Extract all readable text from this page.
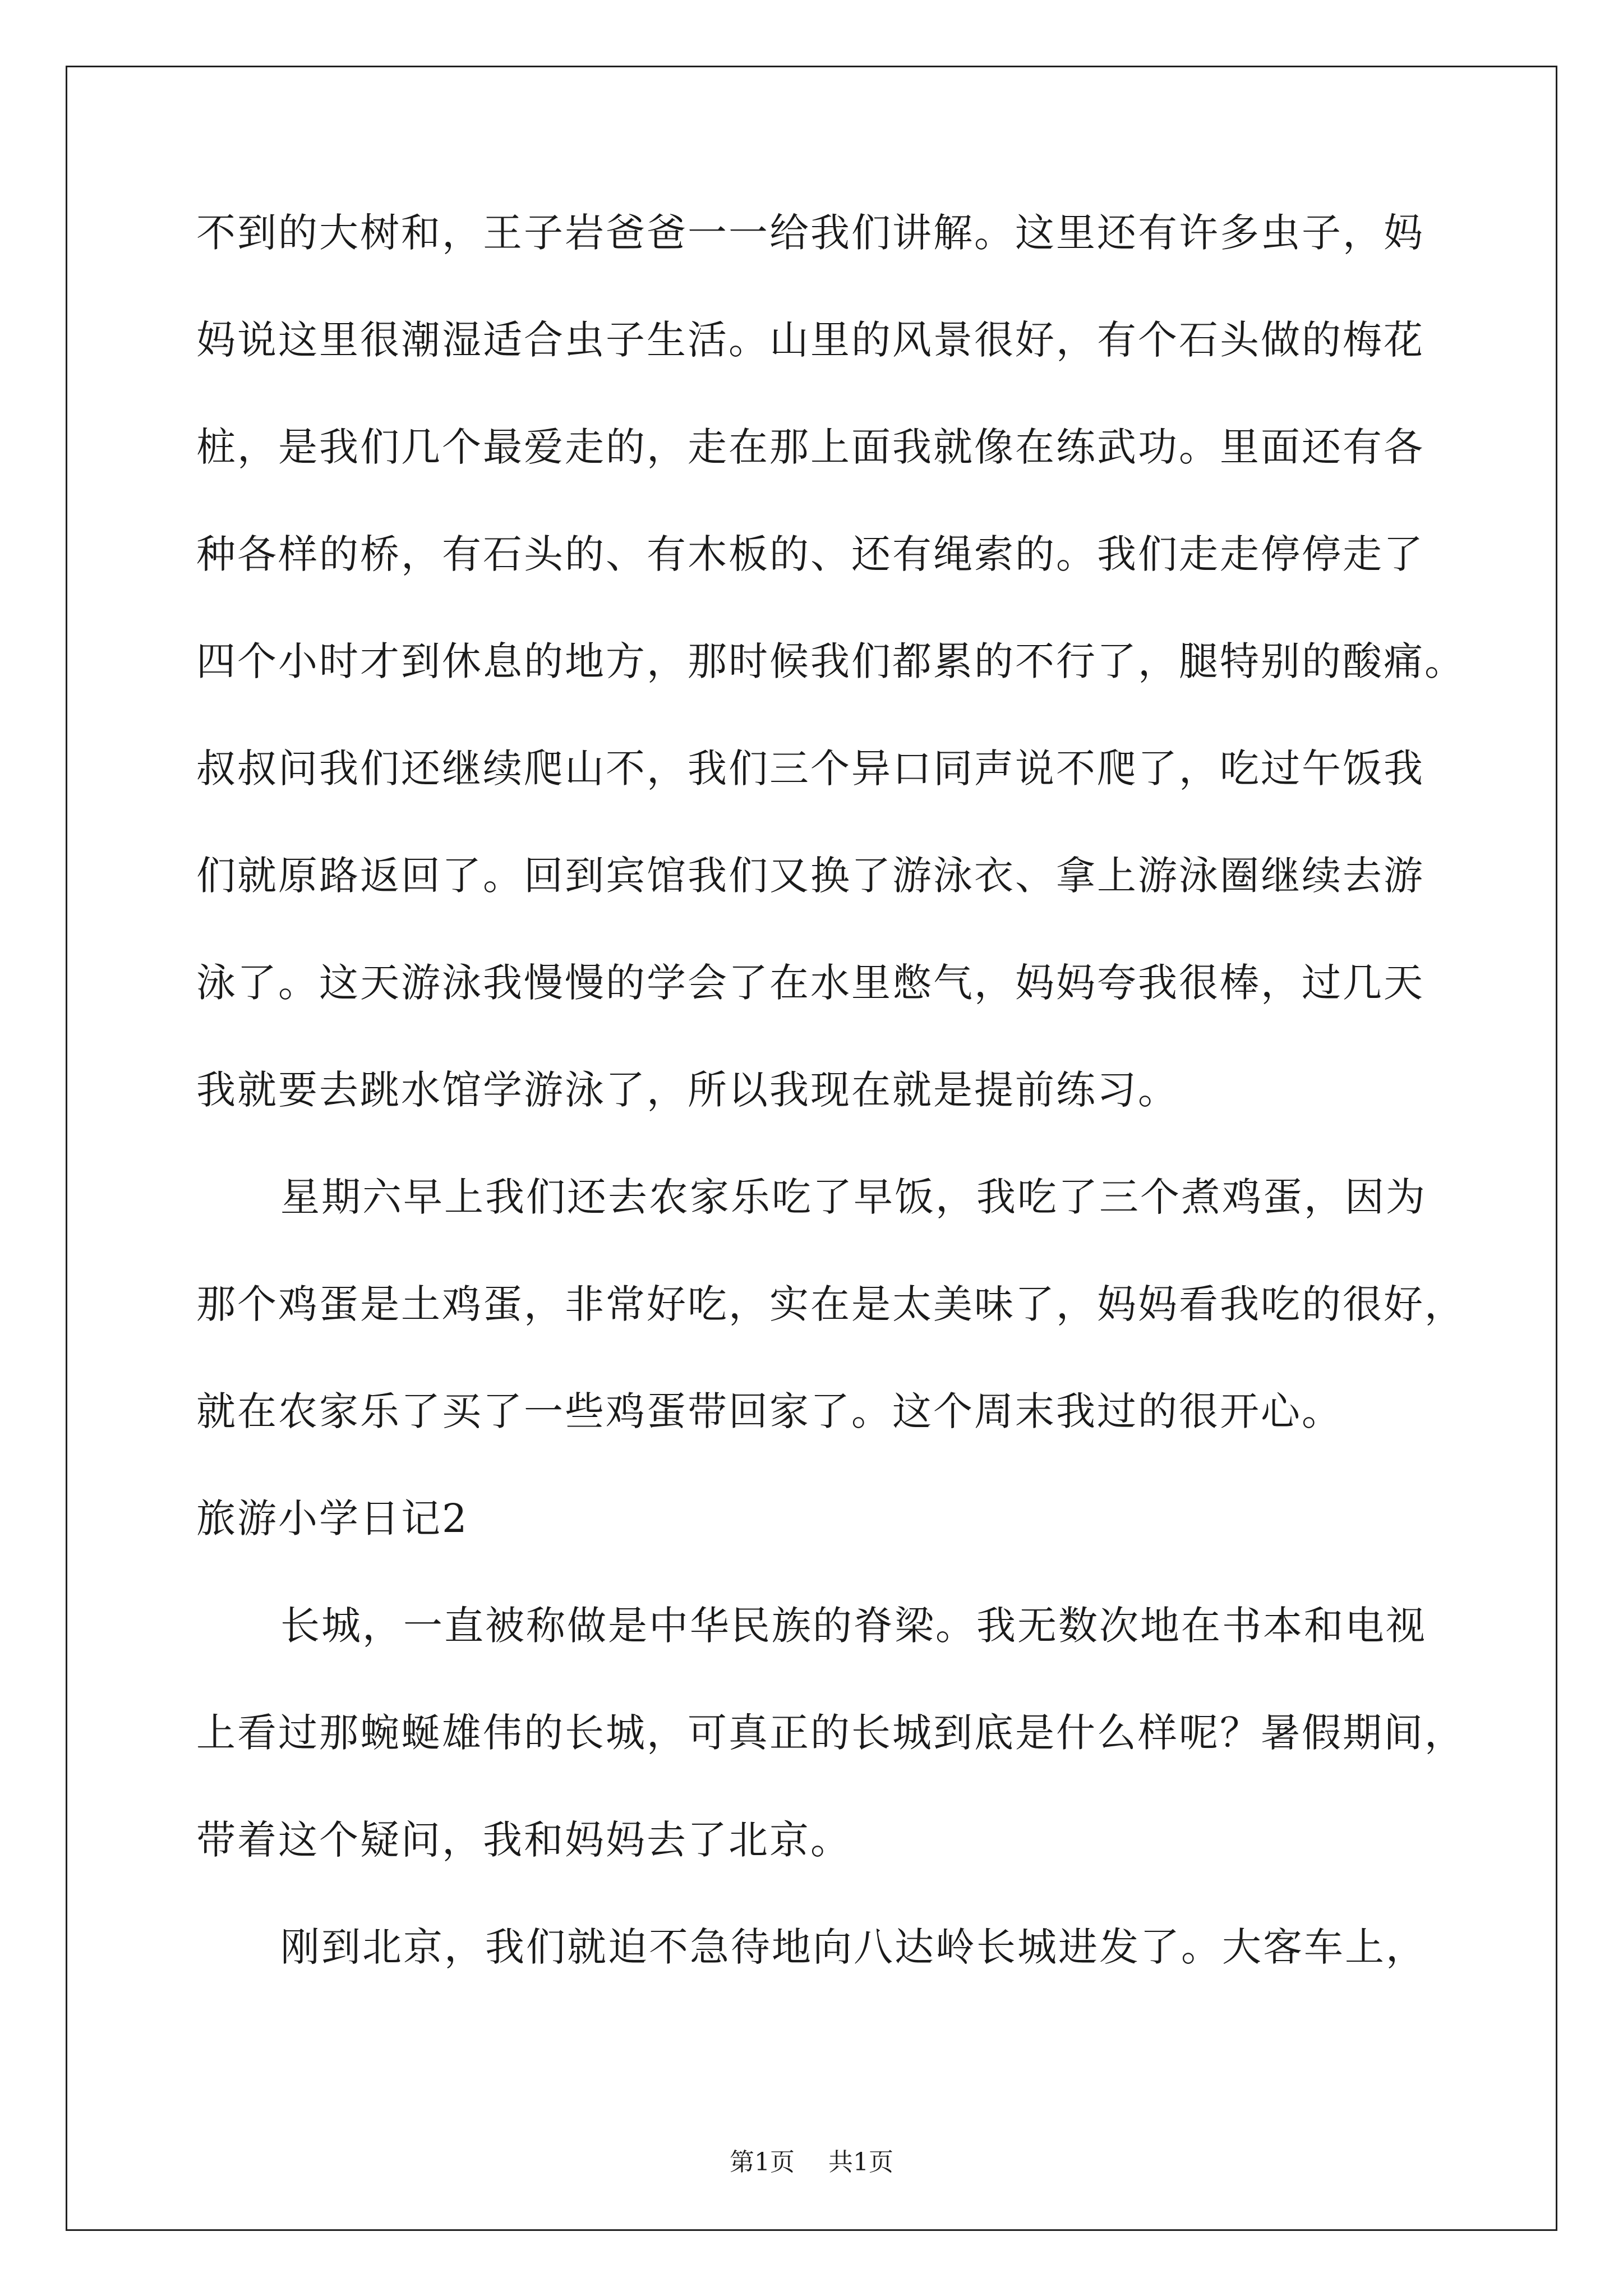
不到的大树和，王子岩爸爸一一给我们讲解。这里还有许多虫子，妈
妈说这里很潮湿适合虫子生活。山里的风景很好，有个石头做的梅花
桩，是我们几个最爱走的，走在那上面我就像在练武功。里面还有各
种各样的桥，有石头的、有木板的、还有绳索的。我们走走停停走了
四个小时才到休息的地方，那时候我们都累的不行了，腿特别的酸痛。
叔叔问我们还继续爬山不，我们三个异口同声说不爬了，吃过午饭我
们就原路返回了。回到宾馆我们又换了游泳衣、拿上游泳圈继续去游
泳了。这天游泳我慢慢的学会了在水里憋气，妈妈夸我很棒，过几天
我就要去跳水馆学游泳了，所以我现在就是提前练习。
星期六早上我们还去农家乐吃了早饭，我吃了三个煮鸡蛋，因为
那个鸡蛋是土鸡蛋，非常好吃，实在是太美味了，妈妈看我吃的很好，
就在农家乐了买了一些鸡蛋带回家了。这个周末我过的很开心。
旅游小学日记2
长城，一直被称做是中华民族的脊梁。我无数次地在书本和电视
上看过那蜿蜒雄伟的长城，可真正的长城到底是什么样呢？暑假期间，
带着这个疑问，我和妈妈去了北京。
刚到北京，我们就迫不急待地向八达岭长城进发了。大客车上，
第1页 共1页
